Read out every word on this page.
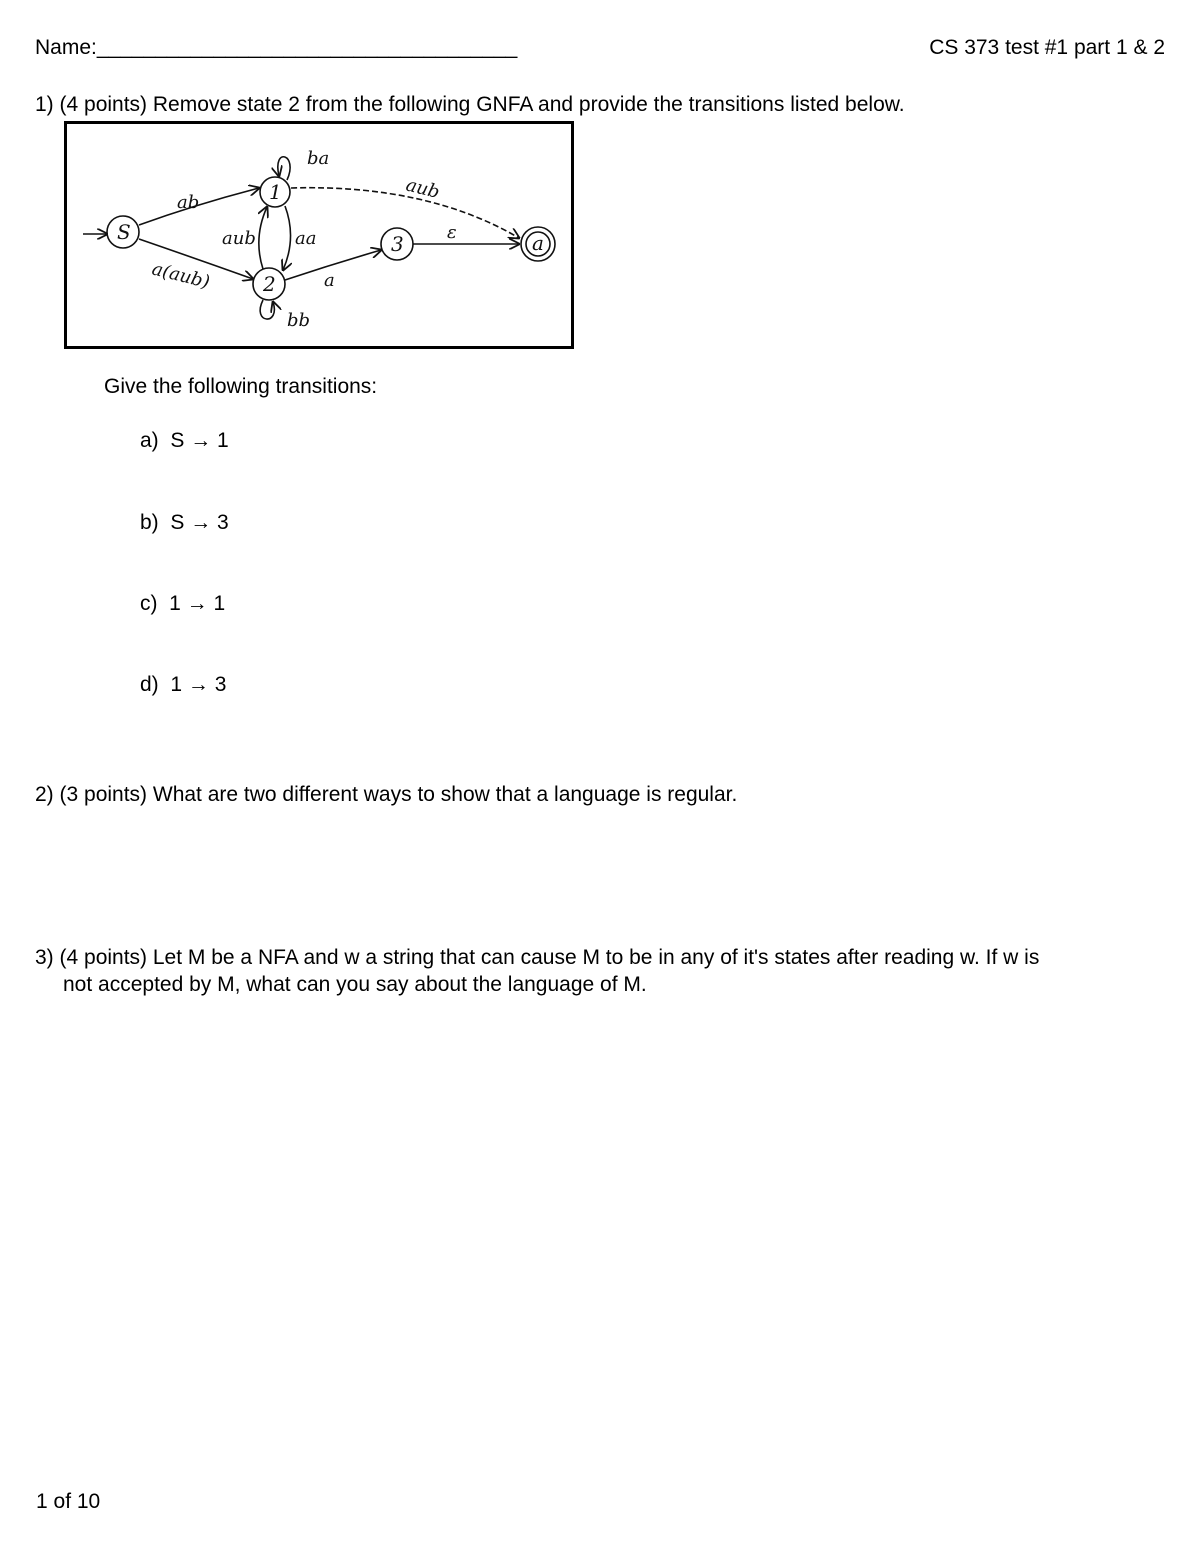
Name:____________________________________	CS 373 test #1 part 1 & 2
1) (4 points) Remove state 2 from the following GNFA and provide the transitions listed below.
S
1
2
3	a
ab
a(aub)
ba
aub aa
aub
a
bb
ε
Give the following transitions:
a) S → 1
b) S → 3
c) 1 → 1
d) 1 → 3
2) (3 points) What are two different ways to show that a language is regular.
3) (4 points) Let M be a NFA and w a string that can cause M to be in any of it's states after reading w. If w is
not accepted by M, what can you say about the language of M.
1 of 10
